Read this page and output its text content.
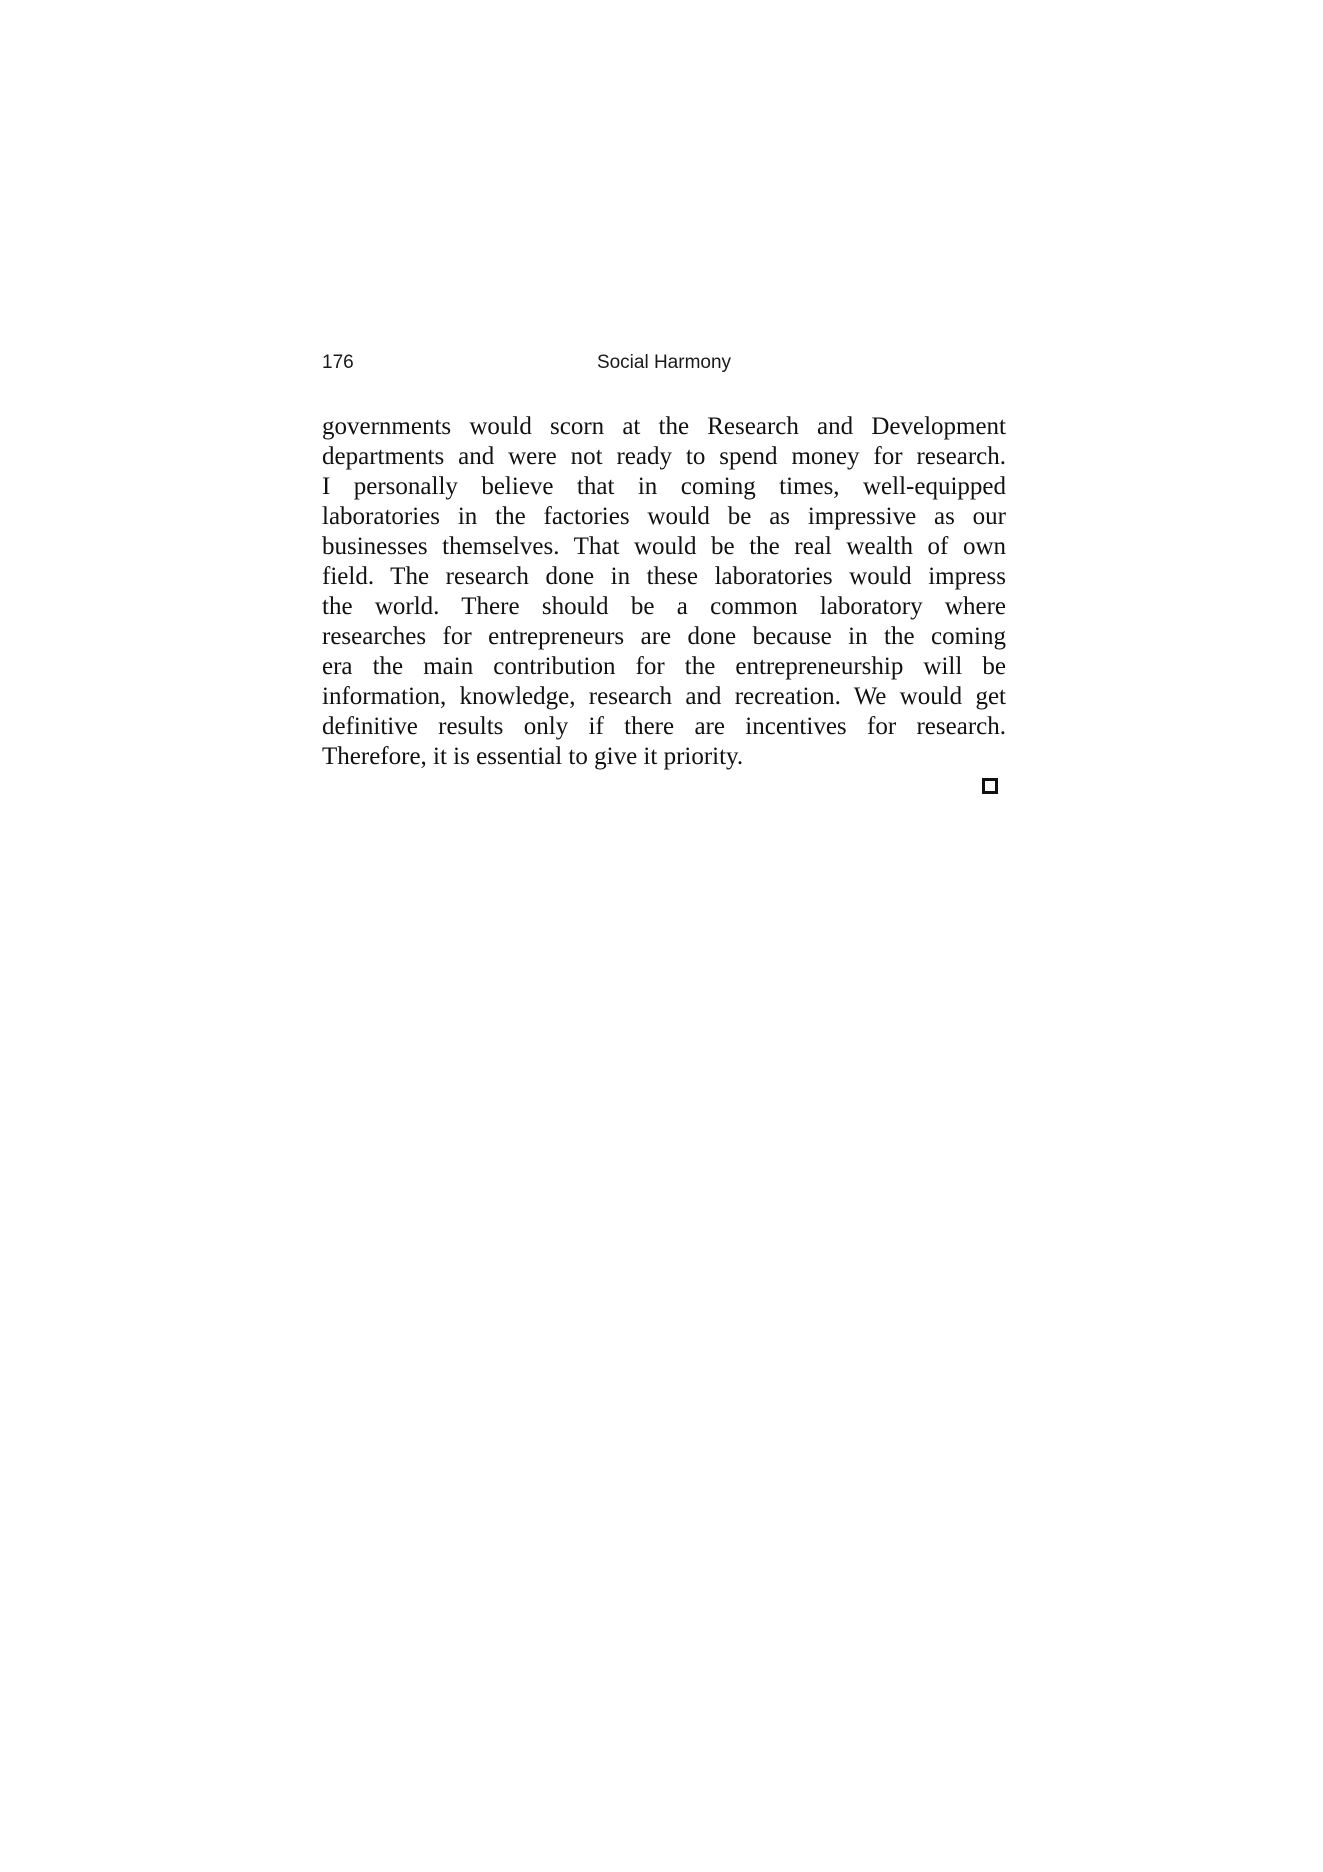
176	Social Harmony
governments would scorn at the Research and Development
departments and were not ready to spend money for research.
I personally believe that in coming times, well-equipped
laboratories in the factories would be as impressive as our
businesses themselves. That would be the real wealth of own
field. The research done in these laboratories would impress
the world. There should be a common laboratory where
researches for entrepreneurs are done because in the coming
era the main contribution for the entrepreneurship will be
information, knowledge, research and recreation. We would get
definitive results only if there are incentives for research.
Therefore, it is essential to give it priority.
